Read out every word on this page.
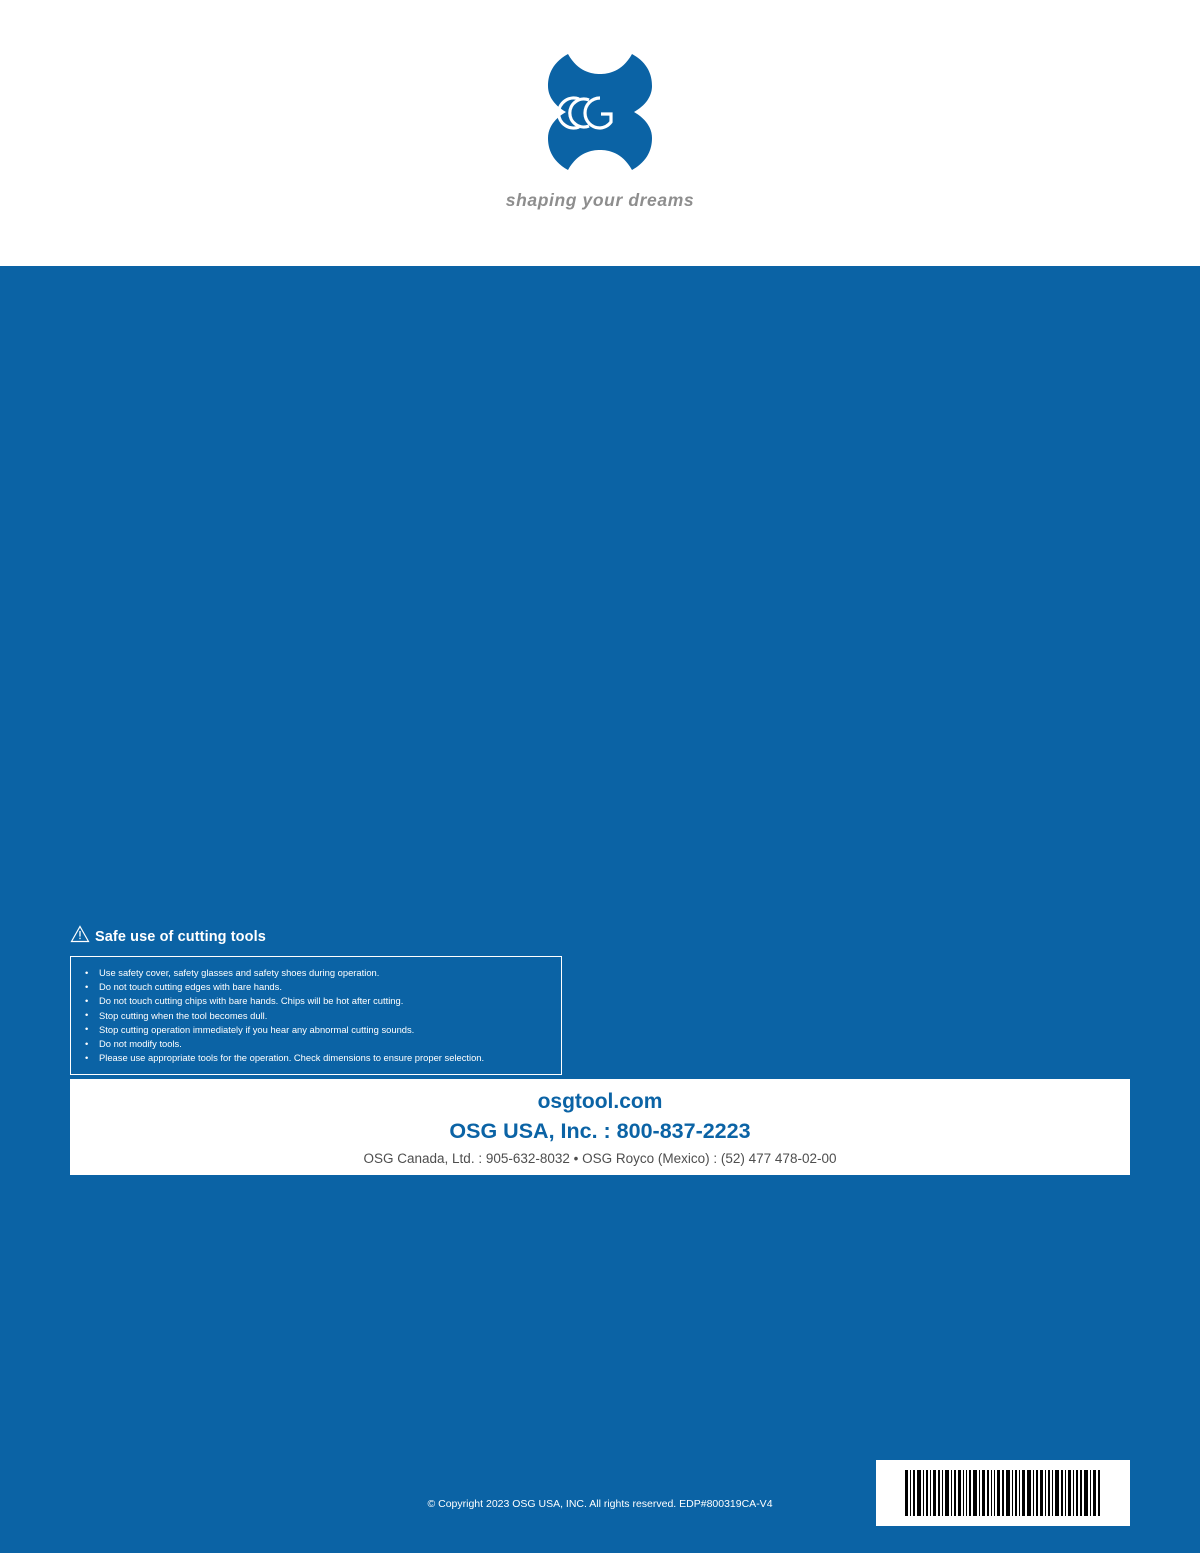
shaping your dreams
Safe use of cutting tools
• Use safety cover, safety glasses and safety shoes during operation.
• Do not touch cutting edges with bare hands.
• Do not touch cutting chips with bare hands. Chips will be hot after cutting.
• Stop cutting when the tool becomes dull.
• Stop cutting operation immediately if you hear any abnormal cutting sounds.
• Do not modify tools.
• Please use appropriate tools for the operation. Check dimensions to ensure proper selection.
osgtool.com
OSG USA, Inc. : 800-837-2223
OSG Canada, Ltd. : 905-632-8032 • OSG Royco (Mexico) : (52) 477 478-02-00
© Copyright 2023 OSG USA, INC. All rights reserved. EDP#800319CA-V4
